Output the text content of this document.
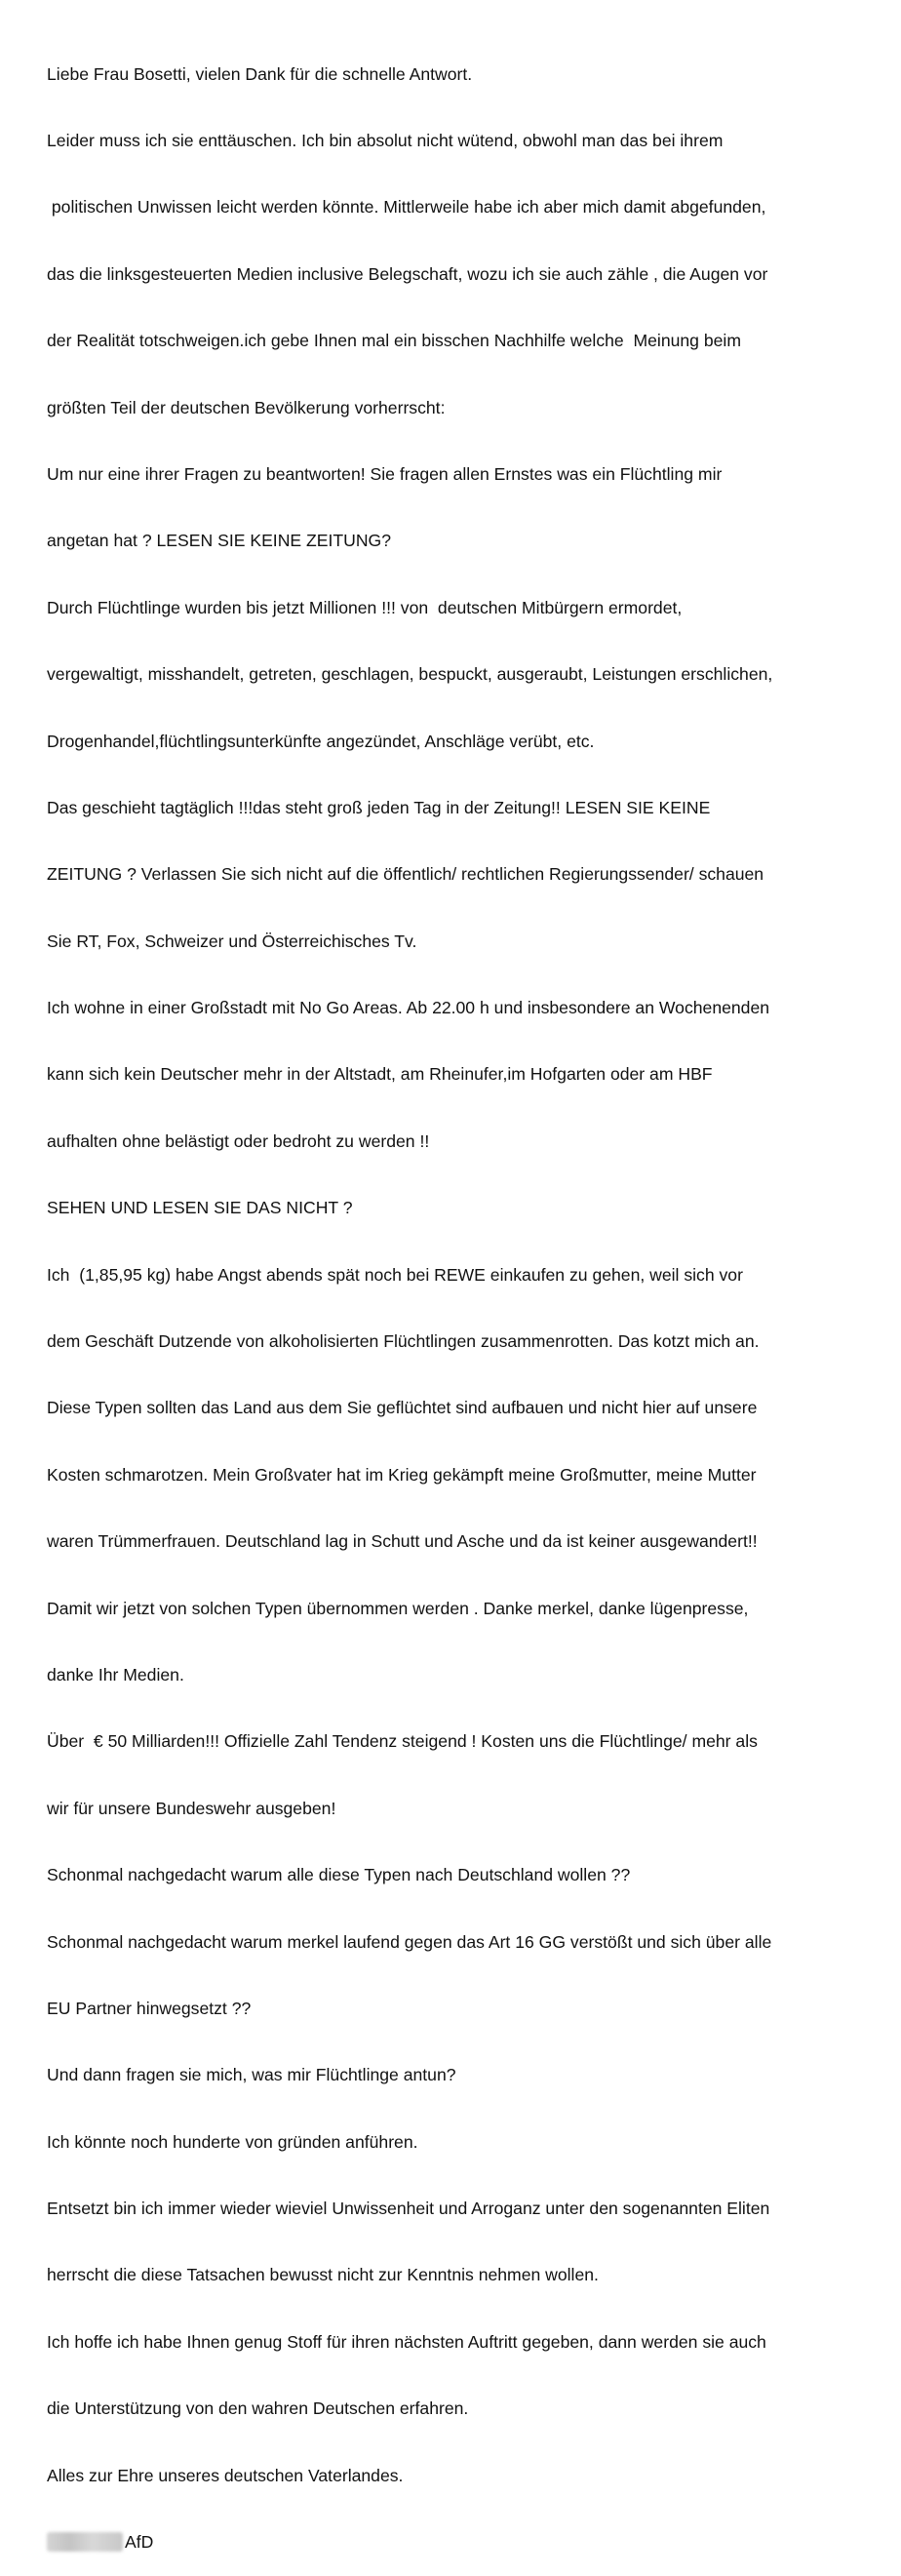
Liebe Frau Bosetti, vielen Dank für die schnelle Antwort.

Leider muss ich sie enttäuschen. Ich bin absolut nicht wütend, obwohl man das bei ihrem

politischen Unwissen leicht werden könnte. Mittlerweile habe ich aber mich damit abgefunden,

das die linksgesteuerten Medien inclusive Belegschaft, wozu ich sie auch zähle , die Augen vor

der Realität totschweigen.ich gebe Ihnen mal ein bisschen Nachhilfe welche  Meinung beim

größten Teil der deutschen Bevölkerung vorherrscht:

Um nur eine ihrer Fragen zu beantworten! Sie fragen allen Ernstes was ein Flüchtling mir

angetan hat ? LESEN SIE KEINE ZEITUNG?

Durch Flüchtlinge wurden bis jetzt Millionen !!! von  deutschen Mitbürgern ermordet,

vergewaltigt, misshandelt, getreten, geschlagen, bespuckt, ausgeraubt, Leistungen erschlichen,

Drogenhandel,flüchtlingsunterkünfte angezündet, Anschläge verübt, etc.

Das geschieht tagtäglich !!!das steht groß jeden Tag in der Zeitung!! LESEN SIE KEINE

ZEITUNG ? Verlassen Sie sich nicht auf die öffentlich/ rechtlichen Regierungssender/ schauen

Sie RT, Fox, Schweizer und Österreichisches Tv.

Ich wohne in einer Großstadt mit No Go Areas. Ab 22.00 h und insbesondere an Wochenenden

kann sich kein Deutscher mehr in der Altstadt, am Rheinufer,im Hofgarten oder am HBF

aufhalten ohne belästigt oder bedroht zu werden !!

SEHEN UND LESEN SIE DAS NICHT ?

Ich  (1,85,95 kg) habe Angst abends spät noch bei REWE einkaufen zu gehen, weil sich vor

dem Geschäft Dutzende von alkoholisierten Flüchtlingen zusammenrotten. Das kotzt mich an.

Diese Typen sollten das Land aus dem Sie geflüchtet sind aufbauen und nicht hier auf unsere

Kosten schmarotzen. Mein Großvater hat im Krieg gekämpft meine Großmutter, meine Mutter

waren Trümmerfrauen. Deutschland lag in Schutt und Asche und da ist keiner ausgewandert!!

Damit wir jetzt von solchen Typen übernommen werden . Danke merkel, danke lügenpresse,

danke Ihr Medien.

Über  € 50 Milliarden!!! Offizielle Zahl Tendenz steigend ! Kosten uns die Flüchtlinge/ mehr als

wir für unsere Bundeswehr ausgeben!

Schonmal nachgedacht warum alle diese Typen nach Deutschland wollen ??

Schonmal nachgedacht warum merkel laufend gegen das Art 16 GG verstößt und sich über alle

EU Partner hinwegsetzt ??

Und dann fragen sie mich, was mir Flüchtlinge antun?

Ich könnte noch hunderte von gründen anführen.

Entsetzt bin ich immer wieder wieviel Unwissenheit und Arroganz unter den sogenannten Eliten

herrscht die diese Tatsachen bewusst nicht zur Kenntnis nehmen wollen.

Ich hoffe ich habe Ihnen genug Stoff für ihren nächsten Auftritt gegeben, dann werden sie auch

die Unterstützung von den wahren Deutschen erfahren.

Alles zur Ehre unseres deutschen Vaterlandes.

AfD
